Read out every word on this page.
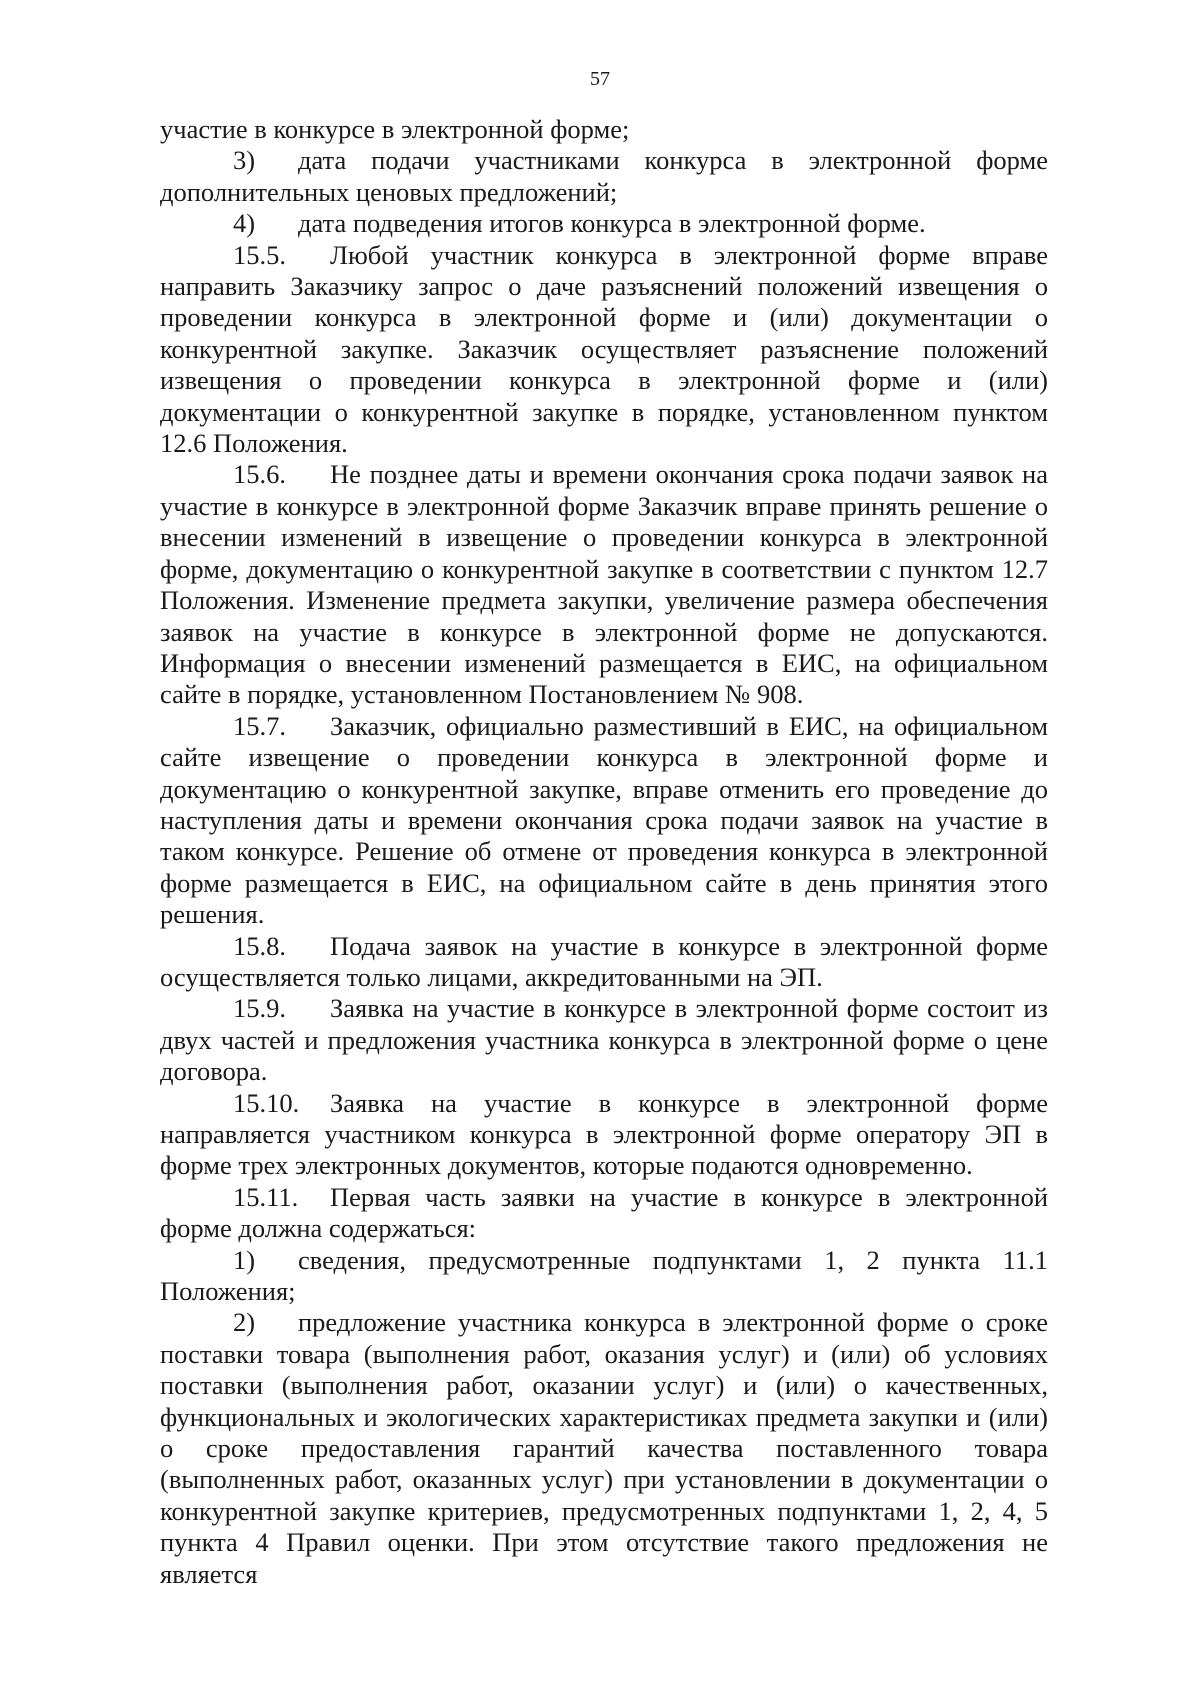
57

участие в конкурсе в электронной форме;

3) дата подачи участниками конкурса в электронной форме дополнительных ценовых предложений;

4) дата подведения итогов конкурса в электронной форме.

15.5. Любой участник конкурса в электронной форме вправе направить Заказчику запрос о даче разъяснений положений извещения о проведении конкурса в электронной форме и (или) документации о конкурентной закупке. Заказчик осуществляет разъяснение положений извещения о проведении конкурса в электронной форме и (или) документации о конкурентной закупке в порядке, установленном пунктом 12.6 Положения.

15.6. Не позднее даты и времени окончания срока подачи заявок на участие в конкурсе в электронной форме Заказчик вправе принять решение о внесении изменений в извещение о проведении конкурса в электронной форме, документацию о конкурентной закупке в соответствии с пунктом 12.7 Положения. Изменение предмета закупки, увеличение размера обеспечения заявок на участие в конкурсе в электронной форме не допускаются. Информация о внесении изменений размещается в ЕИС, на официальном сайте в порядке, установленном Постановлением № 908.

15.7. Заказчик, официально разместивший в ЕИС, на официальном сайте извещение о проведении конкурса в электронной форме и документацию о конкурентной закупке, вправе отменить его проведение до наступления даты и времени окончания срока подачи заявок на участие в таком конкурсе. Решение об отмене от проведения конкурса в электронной форме размещается в ЕИС, на официальном сайте в день принятия этого решения.

15.8. Подача заявок на участие в конкурсе в электронной форме осуществляется только лицами, аккредитованными на ЭП.

15.9. Заявка на участие в конкурсе в электронной форме состоит из двух частей и предложения участника конкурса в электронной форме о цене договора.

15.10. Заявка на участие в конкурсе в электронной форме направляется участником конкурса в электронной форме оператору ЭП в форме трех электронных документов, которые подаются одновременно.

15.11. Первая часть заявки на участие в конкурсе в электронной форме должна содержаться:

1) сведения, предусмотренные подпунктами 1, 2 пункта 11.1 Положения;

2) предложение участника конкурса в электронной форме о сроке поставки товара (выполнения работ, оказания услуг) и (или) об условиях поставки (выполнения работ, оказании услуг) и (или) о качественных, функциональных и экологических характеристиках предмета закупки и (или) о сроке предоставления гарантий качества поставленного товара (выполненных работ, оказанных услуг) при установлении в документации о конкурентной закупке критериев, предусмотренных подпунктами 1, 2, 4, 5 пункта 4 Правил оценки. При этом отсутствие такого предложения не является
